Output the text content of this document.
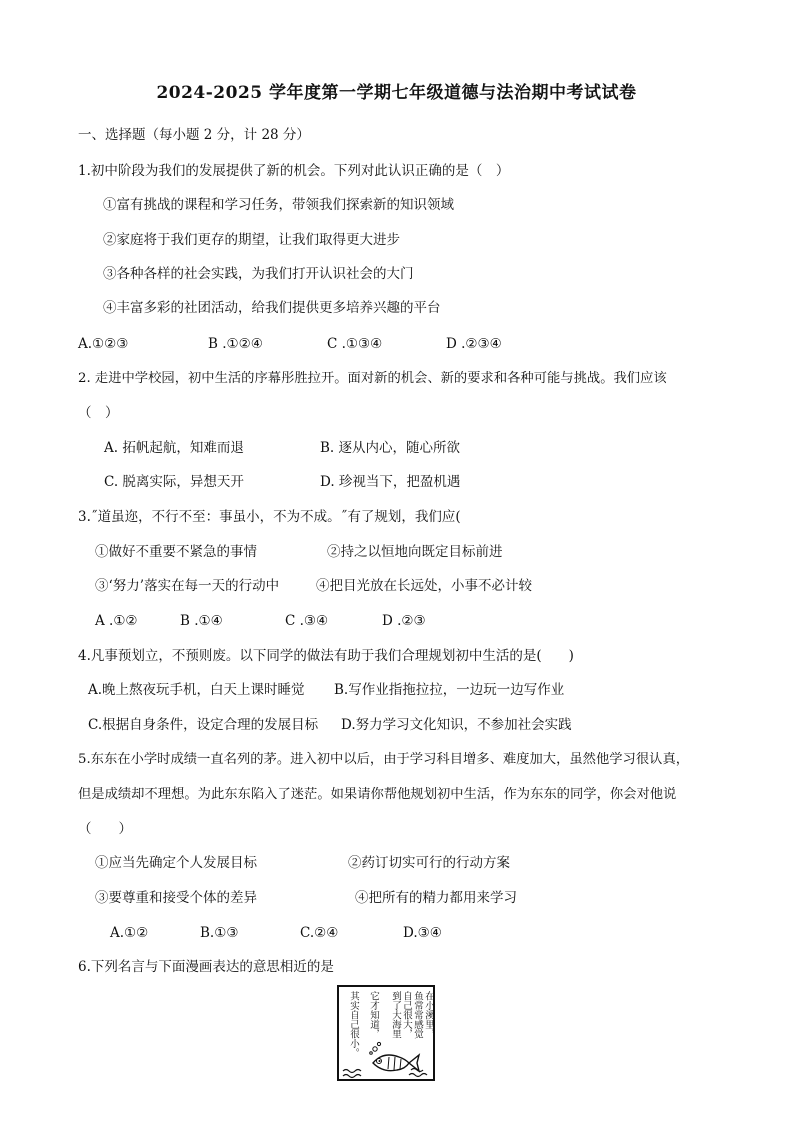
2024-2025 学年度第一学期七年级道德与法治期中考试试卷
一、选择题（每小题 2 分，计 28 分）
1.初中阶段为我们的发展提供了新的机会。下列对此认识正确的是（　）
①富有挑战的课程和学习任务，带领我们探索新的知识领域
②家庭将于我们更存的期望，让我们取得更大进步
③各种各样的社会实践，为我们打开认识社会的大门
④丰富多彩的社团活动，给我们提供更多培养兴趣的平台
A.①②③	B .①②④	C .①③④	D .②③④
2. 走进中学校园，初中生活的序幕彤胜拉开。面对新的机会、新的要求和各种可能与挑战。我们应该
（　）
A. 拓帆起航，知难而退	B. 逐从内心，随心所欲
C. 脱离实际，异想天开	D. 珍视当下，把盈机遇
3.˝道虽迩，不行不至：事虽小，不为不成。˝有了规划，我们应(
①做好不重要不紧急的事情	②持之以恒地向既定目标前进
③‘努力’落实在每一天的行动中	④把目光放在长远处，小事不必计较
A .①②	B .①④	C .③④	D .②③
4.凡事预划立，不预则废。以下同学的做法有助于我们合理规划初中生活的是(　　)
A.晚上熬夜玩手机，白天上课时睡觉 B.写作业指拖拉拉，一边玩一边写作业
C.根据自身条件，设定合理的发展目标 D.努力学习文化知识，不参加社会实践
5.东东在小学时成绩一直名列的茅。进入初中以后，由于学习科目增多、难度加大，虽然他学习很认真，
但是成绩却不理想。为此东东陷入了迷茫。如果请你帮他规划初中生活，作为东东的同学，你会对他说
（　　）
①应当先确定个人发展目标	②药订切实可行的行动方案
③要尊重和接受个体的差异	④把所有的精力都用来学习
A.①②	B.①③	C.②④	D.③④
6.下列名言与下面漫画表达的意思相近的是
在小溪里，
鱼常常感觉
自己很大，
到了大海里
它才知道，
其实自己很小。
